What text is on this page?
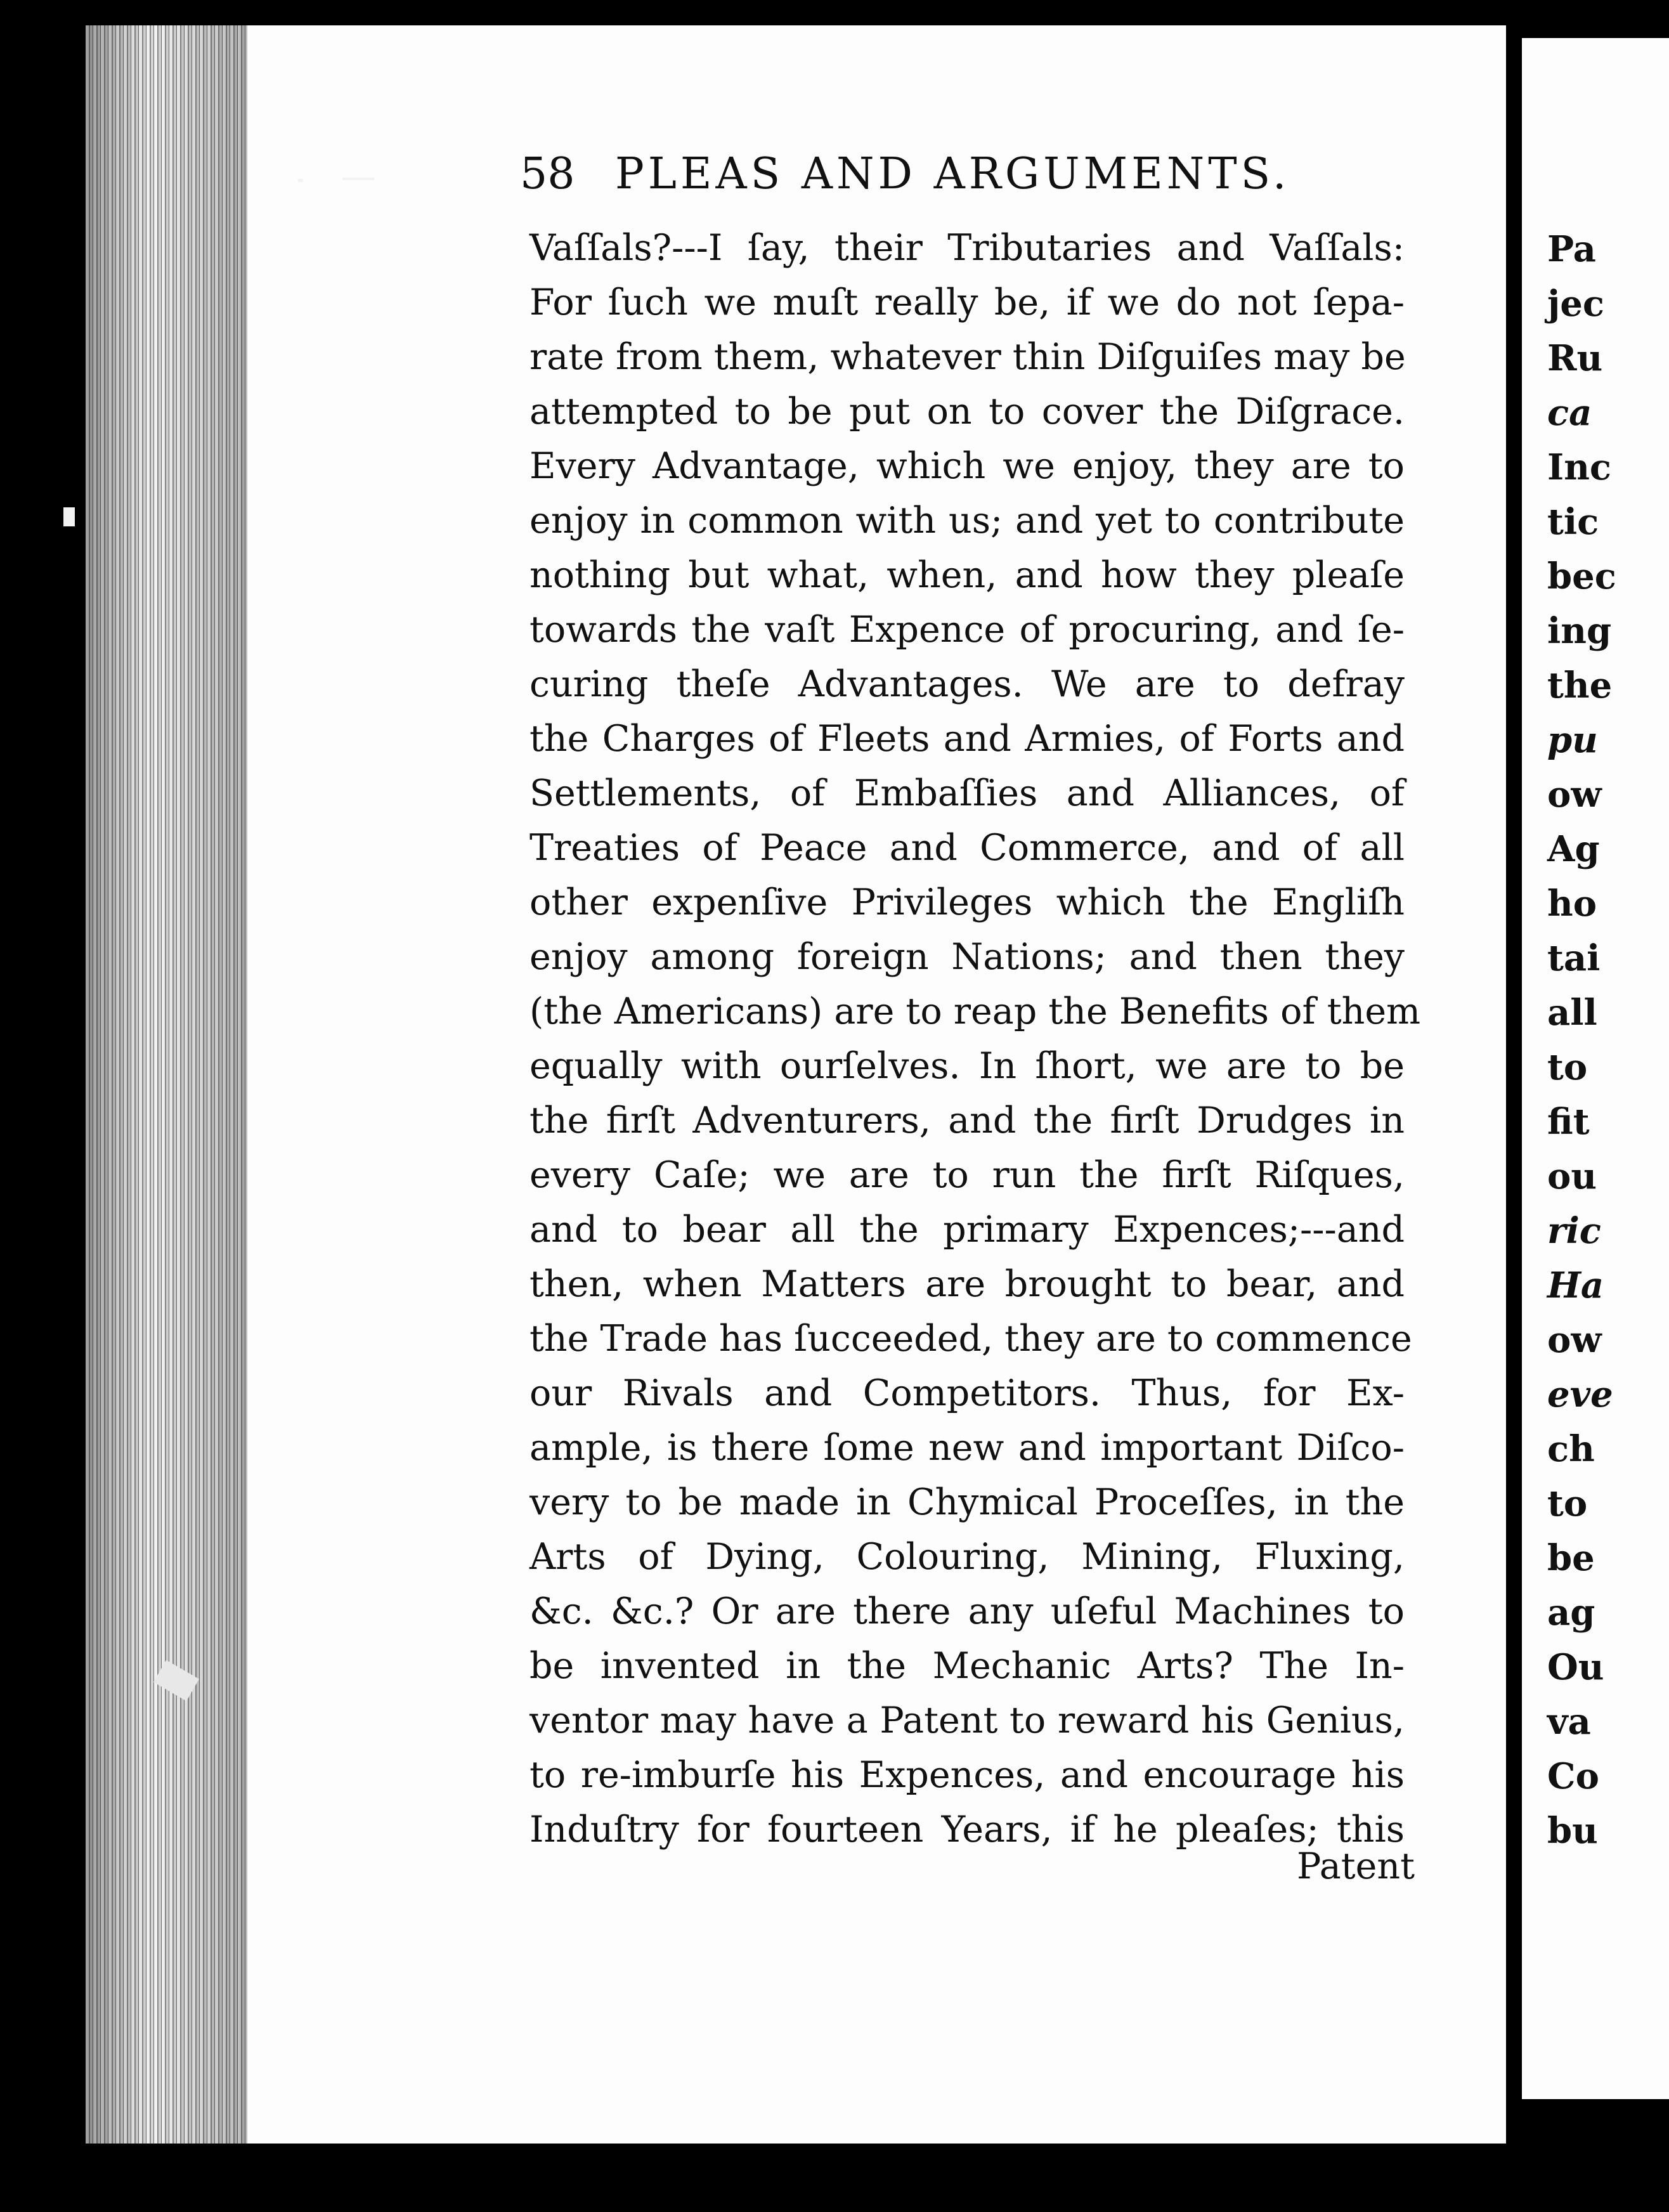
Pa
jec
Ru
ca
Inc
tic
bec
ing
the
pu
ow
Ag
ho
tai
all
to
fit
ou
ric
Ha
ow
eve
ch
to
be
ag
Ou
va
Co
bu
58 PLEAS AND ARGUMENTS.
Vaſſals?---I ſay, their Tributaries and Vaſſals:
For ſuch we muſt really be, if we do not ſepa-
rate from them, whatever thin Diſguiſes may be
attempted to be put on to cover the Diſgrace.
Every Advantage, which we enjoy, they are to
enjoy in common with us; and yet to contribute
nothing but what, when, and how they pleaſe
towards the vaſt Expence of procuring, and ſe-
curing theſe Advantages. We are to defray
the Charges of Fleets and Armies, of Forts and
Settlements, of Embaſſies and Alliances, of
Treaties of Peace and Commerce, and of all
other expenſive Privileges which the Engliſh
enjoy among foreign Nations; and then they
(the Americans) are to reap the Benefits of them
equally with ourſelves. In ſhort, we are to be
the firſt Adventurers, and the firſt Drudges in
every Caſe; we are to run the firſt Riſques,
and to bear all the primary Expences;---and
then, when Matters are brought to bear, and
the Trade has ſucceeded, they are to commence
our Rivals and Competitors. Thus, for Ex-
ample, is there ſome new and important Diſco-
very to be made in Chymical Proceſſes, in the
Arts of Dying, Colouring, Mining, Fluxing,
&c. &c.? Or are there any uſeful Machines to
be invented in the Mechanic Arts? The In-
ventor may have a Patent to reward his Genius,
to re-imburſe his Expences, and encourage his
Induſtry for fourteen Years, if he pleaſes; this
Patent
